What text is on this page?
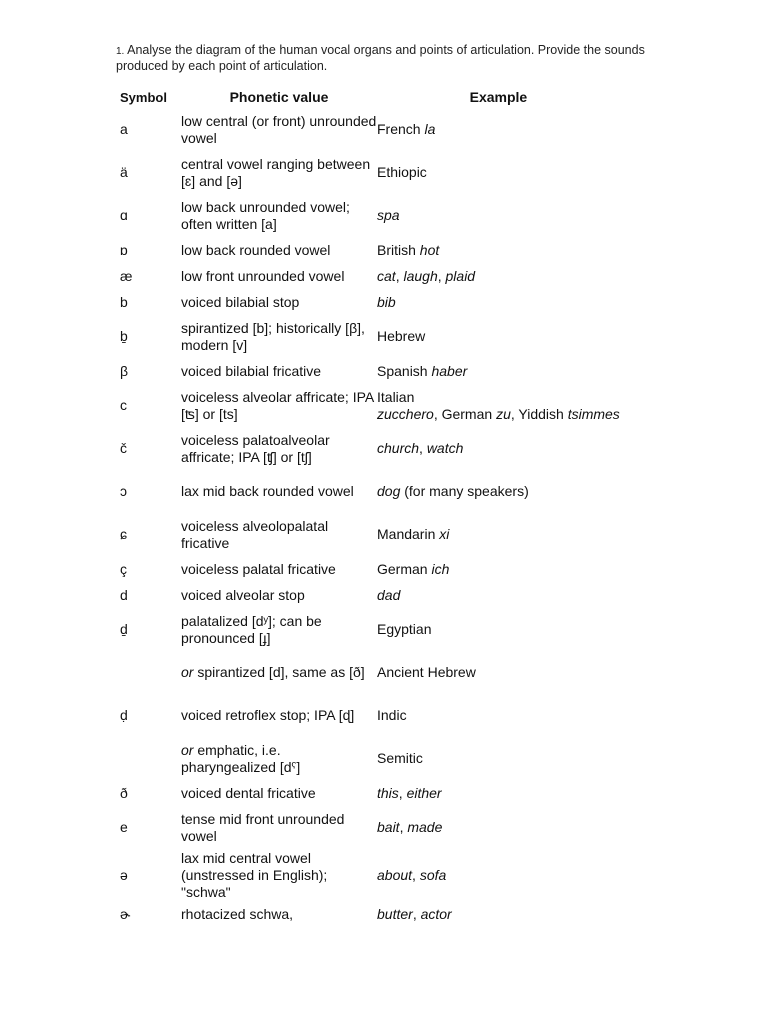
1. Analyse the diagram of the human vocal organs and points of articulation. Provide the sounds produced by each point of articulation.
Symbol	Phonetic value	Example
a	low central (or front) unrounded vowel	French la
ä	central vowel ranging between [ɛ] and [ə]	Ethiopic
ɑ	low back unrounded vowel; often written [a]	spa
ɒ	low back rounded vowel	British hot
æ	low front unrounded vowel	cat, laugh, plaid
b	voiced bilabial stop	bib
ḇ	spirantized [b]; historically [β], modern [v]	Hebrew
β	voiced bilabial fricative	Spanish haber
c	voiceless alveolar affricate; IPA [ʦ] or [ts]	Italian zucchero, German zu, Yiddish tsimmes
č	voiceless palatoalveolar affricate; IPA [ʧ] or [tʃ]	church, watch
ɔ	lax mid back rounded vowel	dog (for many speakers)
ɕ	voiceless alveolopalatal fricative	Mandarin xi
ç	voiceless palatal fricative	German ich
d	voiced alveolar stop	dad
ḏ	palatalized [dʸ]; can be pronounced [ɟ]	Egyptian
	or spirantized [d], same as [ð]	Ancient Hebrew
ḍ	voiced retroflex stop; IPA [ɖ]	Indic
	or emphatic, i.e. pharyngealized [dˤ]	Semitic
ð	voiced dental fricative	this, either
e	tense mid front unrounded vowel	bait, made
ə	lax mid central vowel (unstressed in English); "schwa"	about, sofa
ɚ	rhotacized schwa,	butter, actor
